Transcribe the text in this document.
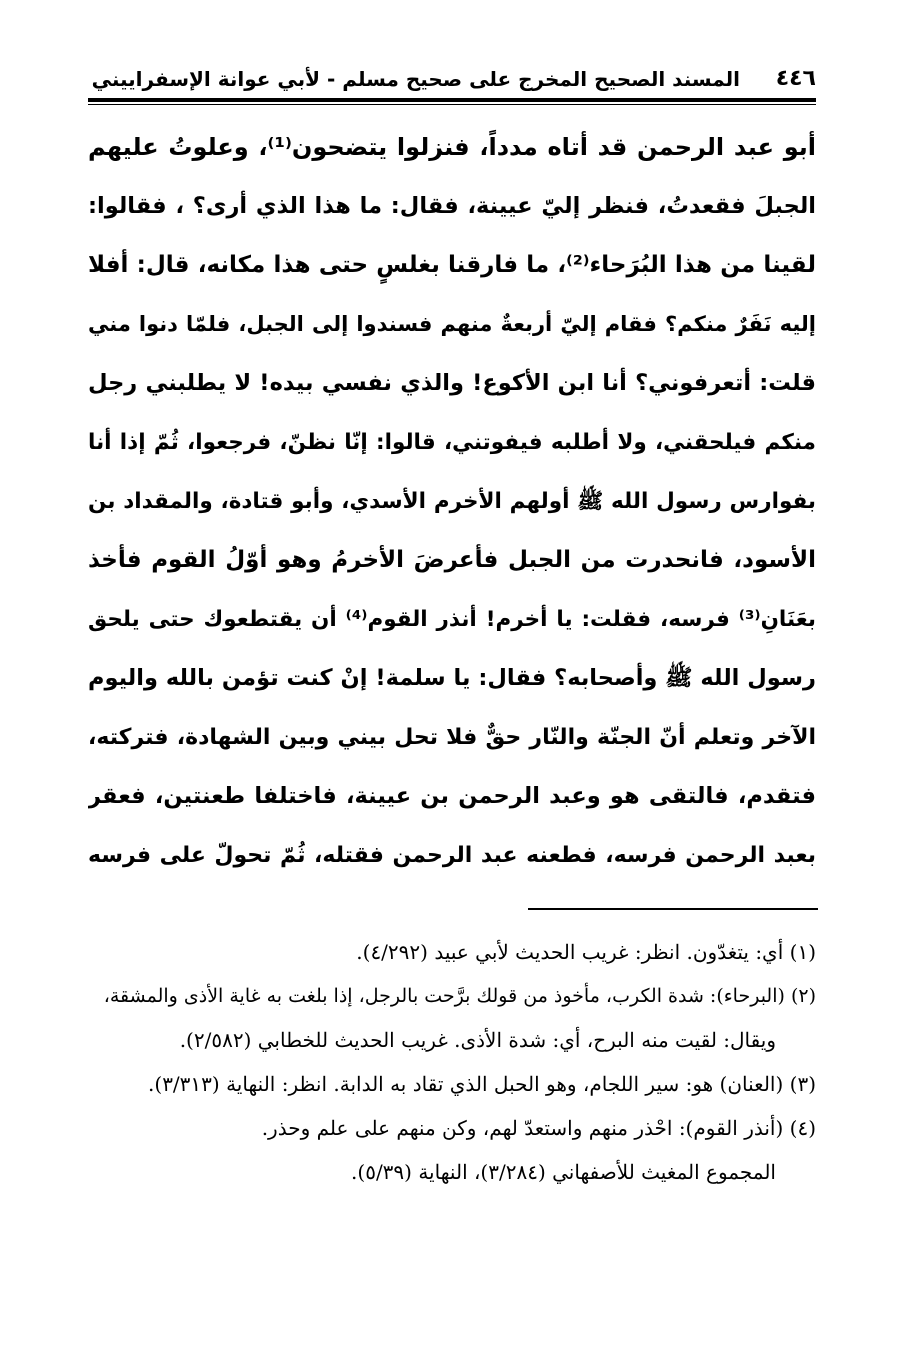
٤٤٦
المسند الصحيح المخرج على صحيح مسلم - لأبي عوانة الإسفراييني
أبو عبد الرحمن قد أتاه مدداً، فنزلوا يتضحون⁽¹⁾، وعلوتُ عليهم
الجبلَ فقعدتُ، فنظر إليّ عيينة، فقال: ما هذا الذي أرى؟ ، فقالوا:
لقينا من هذا البُرَحاء⁽²⁾، ما فارقنا بغلسٍ حتى هذا مكانه، قال: أفلا
إليه نَفَرٌ منكم؟ فقام إليّ أربعةٌ منهم فسندوا إلى الجبل، فلمّا دنوا مني
قلت: أتعرفوني؟ أنا ابن الأكوع! والذي نفسي بيده! لا يطلبني رجل
منكم فيلحقني، ولا أطلبه فيفوتني، قالوا: إنّا نظنّ، فرجعوا، ثُمّ إذا أنا
بفوارس رسول الله ﷺ أولهم الأخرم الأسدي، وأبو قتادة، والمقداد بن
الأسود، فانحدرت من الجبل فأعرضَ الأخرمُ وهو أوّلُ القوم فأخذ
بعَنَانِ⁽³⁾ فرسه، فقلت: يا أخرم! أنذر القوم⁽⁴⁾ أن يقتطعوك حتى يلحق
رسول الله ﷺ وأصحابه؟ فقال: يا سلمة! إنْ كنت تؤمن بالله واليوم
الآخر وتعلم أنّ الجنّة والنّار حقٌّ فلا تحل بيني وبين الشهادة، فتركته،
فتقدم، فالتقى هو وعبد الرحمن بن عيينة، فاختلفا طعنتين، فعقر
بعبد الرحمن فرسه، فطعنه عبد الرحمن فقتله، ثُمّ تحولّ على فرسه
(١) أي: يتغدّون. انظر: غريب الحديث لأبي عبيد (٤/٢٩٢).
(٢) (البرحاء): شدة الكرب، مأخوذ من قولك برَّحت بالرجل، إذا بلغت به غاية الأذى والمشقة،
ويقال: لقيت منه البرح، أي: شدة الأذى. غريب الحديث للخطابي (٢/٥٨٢).
(٣) (العنان) هو: سير اللجام، وهو الحبل الذي تقاد به الدابة. انظر: النهاية (٣/٣١٣).
(٤) (أنذر القوم): احْذر منهم واستعدّ لهم، وكن منهم على علم وحذر.
المجموع المغيث للأصفهاني (٣/٢٨٤)، النهاية (٥/٣٩).
